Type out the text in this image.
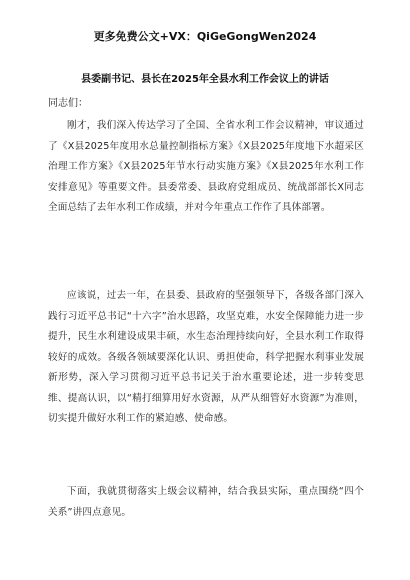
更多免费公文+VX：QiGeGongWen2024
县委副书记、县长在2025年全县水利工作会议上的讲话
同志们：
刚才，我们深入传达学习了全国、全省水利工作会议精神，审议通过了《X县2025年度用水总量控制指标方案》《X县2025年度地下水超采区治理工作方案》《X县2025年节水行动实施方案》《X县2025年水利工作安排意见》等重要文件。县委常委、县政府党组成员、统战部部长X同志全面总结了去年水利工作成绩，并对今年重点工作作了具体部署。
应该说，过去一年，在县委、县政府的坚强领导下，各级各部门深入践行习近平总书记“十六字”治水思路，攻坚克难，水安全保障能力进一步提升，民生水利建设成果丰硕，水生态治理持续向好，全县水利工作取得较好的成效。各级各领域要深化认识、勇担使命，科学把握水利事业发展新形势，深入学习贯彻习近平总书记关于治水重要论述，进一步转变思维、提高认识，以“精打细算用好水资源，从严从细管好水资源”为准则，切实提升做好水利工作的紧迫感、使命感。
下面，我就贯彻落实上级会议精神，结合我县实际，重点围绕“四个关系”讲四点意见。
